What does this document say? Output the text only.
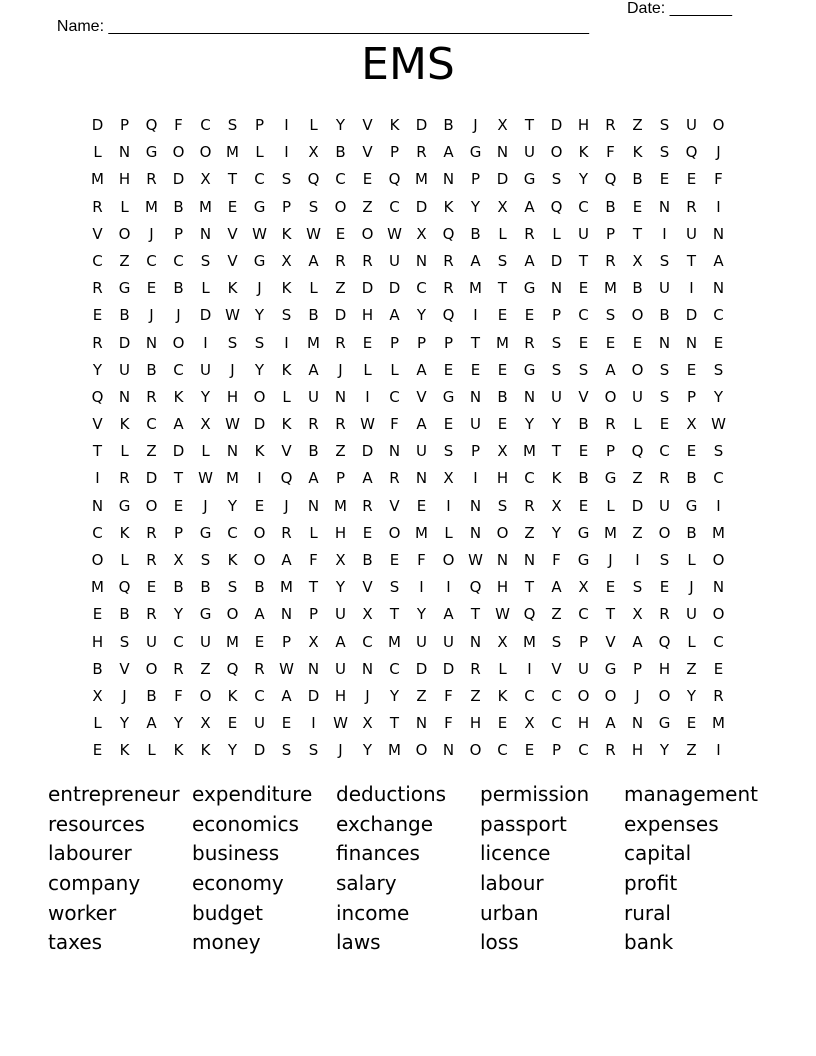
Name: ______________________________________________________

Date: _______

EMS
D	P	Q	F	C	S	P	I	L	Y	V	K	D	B	J	X	T	D	H	R	Z	S	U	O
L	N	G	O	O M	L	I	X	B	V	P	R	A	G	N	U	O	K	F	K	S	Q	J
M H	R	D	X	T	C	S	Q	C	E	Q M N	P	D	G	S	Y	Q	B	E	E	F
R	L	M	B	M	E	G	P	S	O	Z	C	D	K	Y	X	A	Q	C	B	E	N	R	I
V	O	J	P	N	V W K W E	O W X	Q	B	L	R	L	U	P	T	I	U	N
C	Z	C	C	S	V	G	X	A	R	R	U	N	R	A	S	A	D	T	R	X	S	T	A
R	G	E	B	L	K	J	K	L	Z	D	D	C	R	M	T	G	N	E	M	B	U	I	N
E	B	J	J	D W Y	S	B	D	H	A	Y	Q	I	E	E	P	C	S	O	B	D	C
R	D	N	O	I	S	S	I	M	R	E	P	P	P	T	M	R	S	E	E	E	N	N	E
Y	U	B	C	U	J	Y	K	A	J	L	L	A	E	E	E	G	S	S	A	O	S	E	S
Q	N	R	K	Y	H	O	L	U	N	I	C	V	G	N	B	N	U	V	O	U	S	P	Y
V	K	C	A	X W D	K	R	R W	F	A	E	U	E	Y	Y	B	R	L	E	X W
T	L	Z	D	L	N	K	V	B	Z	D	N	U	S	P	X	M	T	E	P	Q	C	E	S
I	R	D	T	W M	I	Q	A	P	A	R	N	X	I	H	C	K	B	G	Z	R	B	C
N	G	O	E	J	Y	E	J	N M	R	V	E	I	N	S	R	X	E	L	D	U	G	I
C	K	R	P	G	C	O	R	L	H	E	O M	L	N	O	Z	Y	G M	Z	O	B	M
O	L	R	X	S	K	O	A	F	X	B	E	F	O W N	N	F	G	J	I	S	L	O
M Q	E	B	B	S	B	M	T	Y	V	S	I	I	Q	H	T	A	X	E	S	E	J	N
E	B	R	Y	G	O	A	N	P	U	X	T	Y	A	T	W Q	Z	C	T	X	R	U	O
H	S	U	C	U	M	E	P	X	A	C	M	U	U	N	X	M	S	P	V	A	Q	L	C
B	V	O	R	Z	Q	R W N	U	N	C	D	D	R	L	I	V	U	G	P	H	Z	E
X	J	B	F	O	K	C	A	D	H	J	Y	Z	F	Z	K	C	C	O	O	J	O	Y	R
L	Y	A	Y	X	E	U	E	I	W X	T	N	F	H	E	X	C	H	A	N	G	E	M
E	K	L	K	K	Y	D	S	S	J	Y	M O	N	O	C	E	P	C	R	H	Y	Z	I
entrepreneur expenditure	deductions	permission	management
resources	economics	exchange	passport	expenses
labourer	business	finances	licence	capital
company	economy	salary	labour	profit
worker	budget	income	urban	rural
taxes	money	laws	loss	bank
